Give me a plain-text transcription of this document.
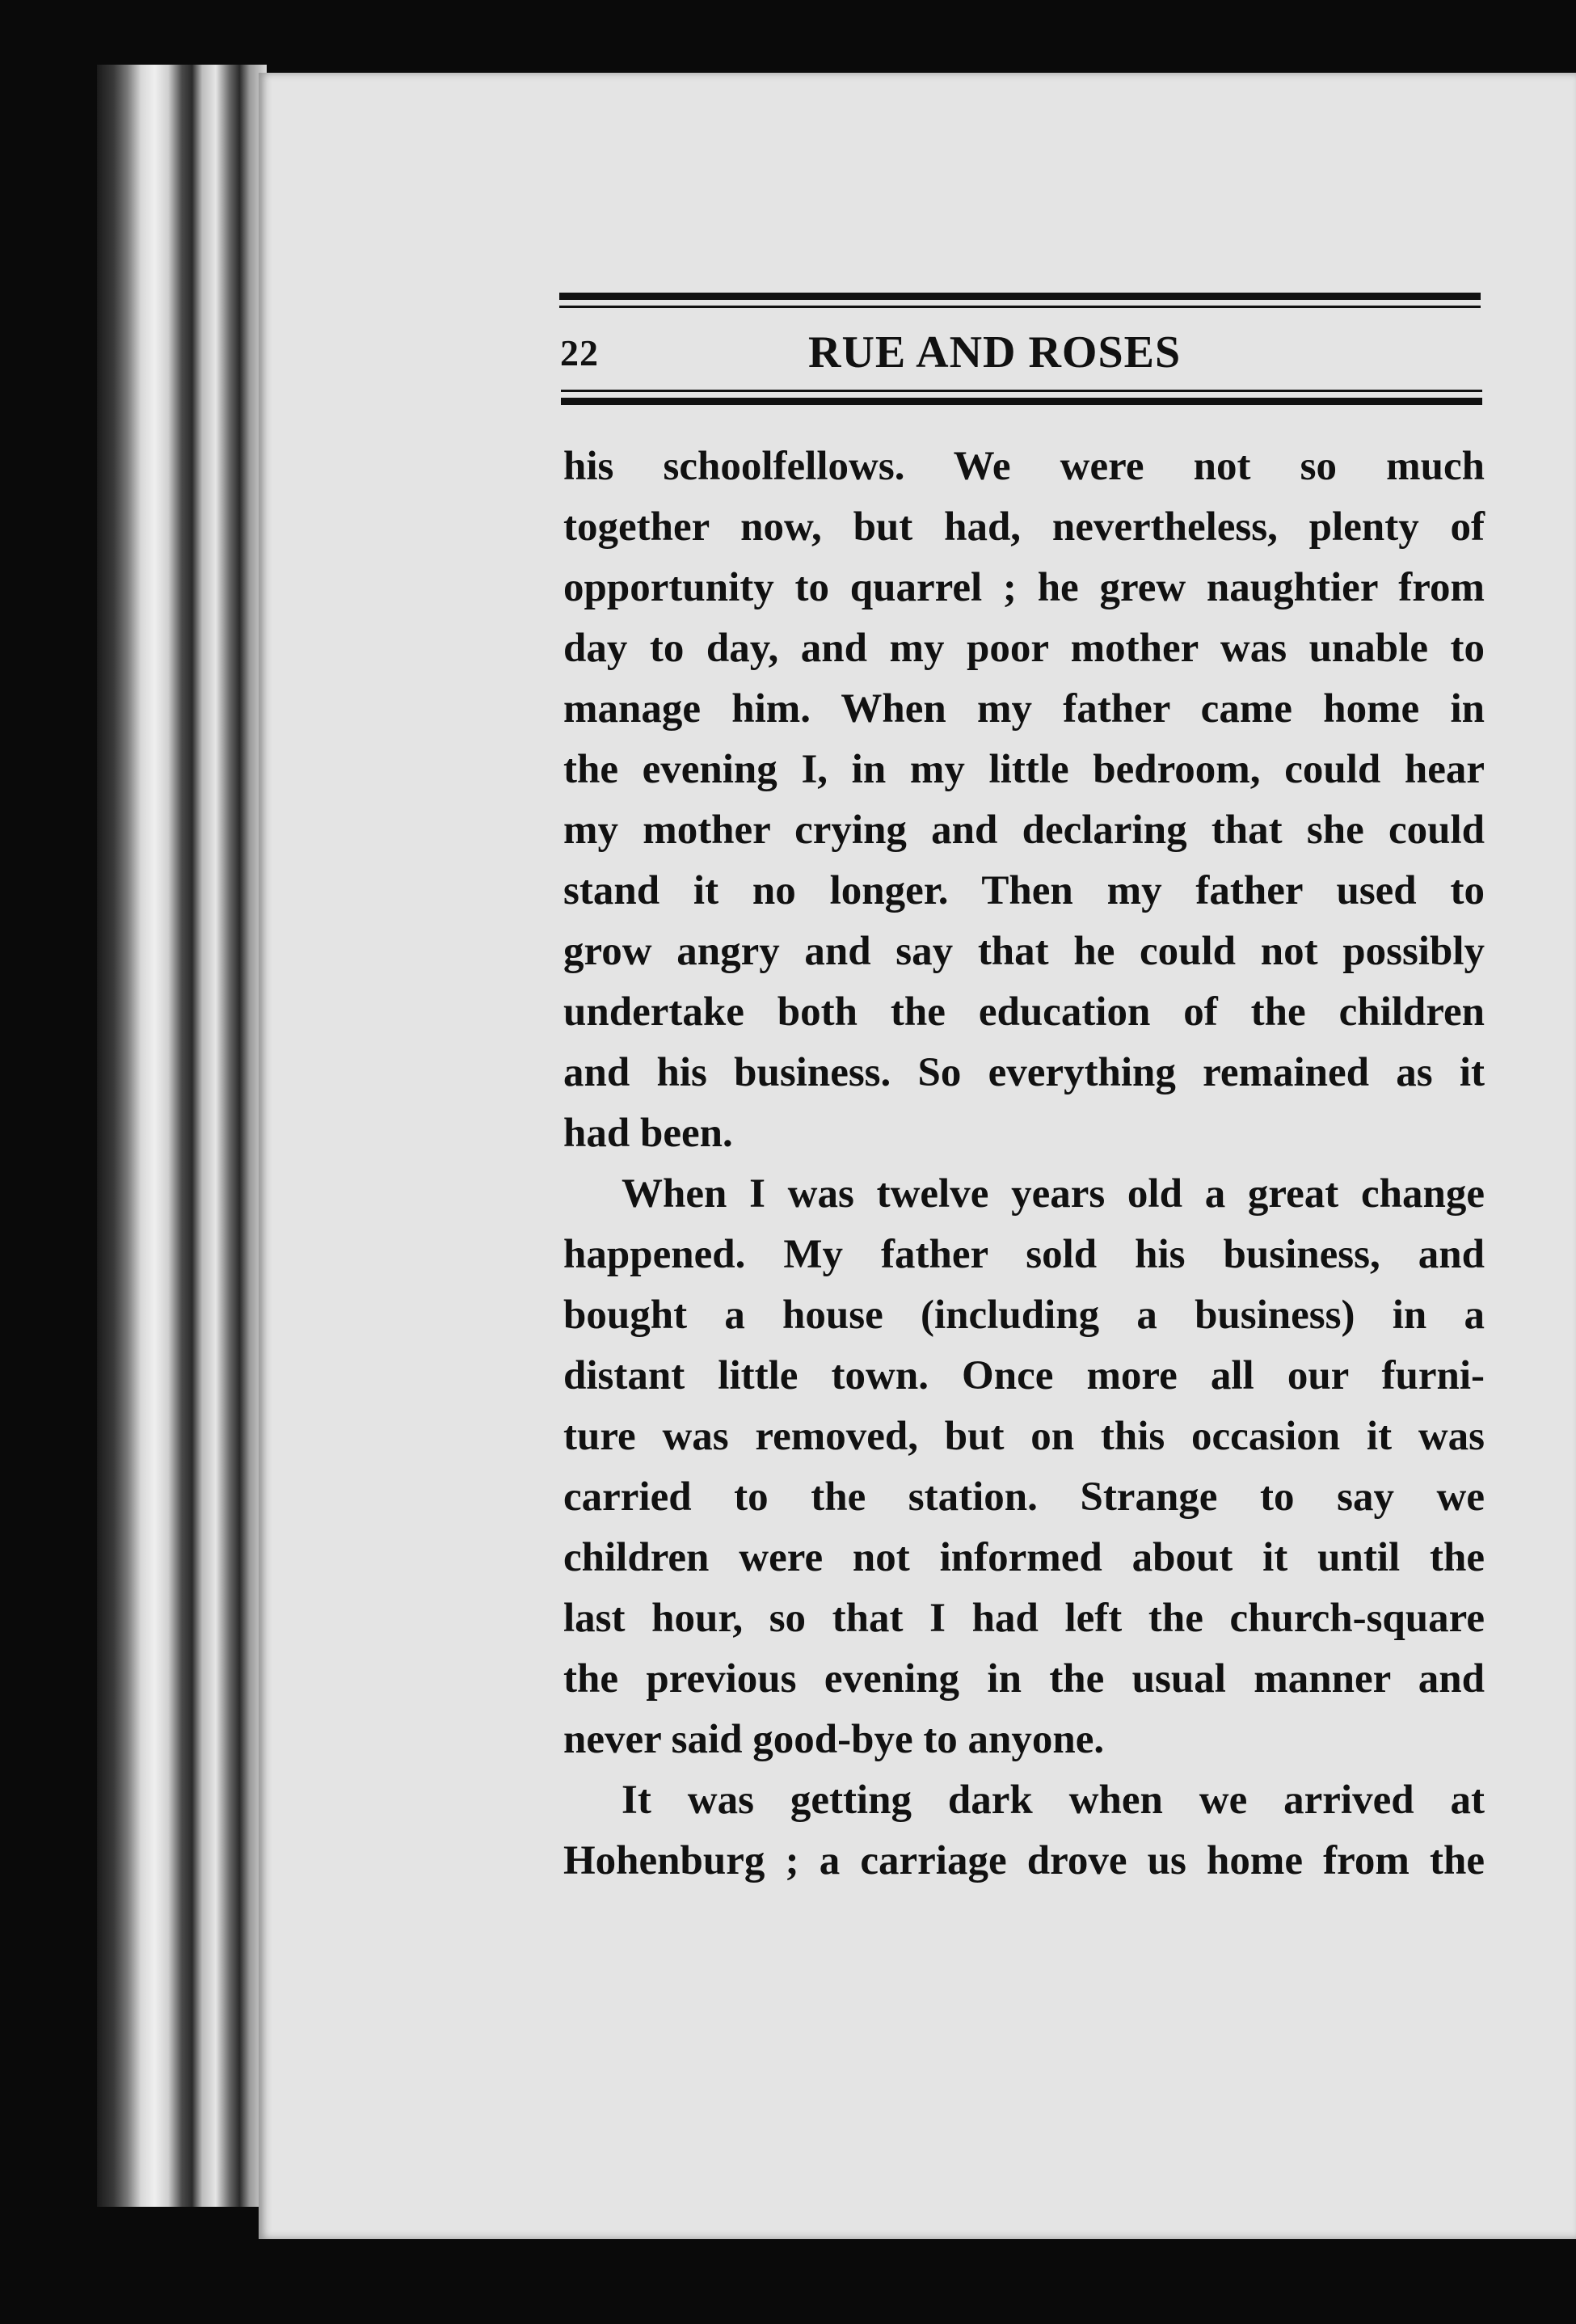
22	RUE AND ROSES
his schoolfellows. We were not so much
together now, but had, nevertheless, plenty of
opportunity to quarrel ; he grew naughtier from
day to day, and my poor mother was unable to
manage him. When my father came home in
the evening I, in my little bedroom, could hear
my mother crying and declaring that she could
stand it no longer. Then my father used to
grow angry and say that he could not possibly
undertake both the education of the children
and his business. So everything remained as it
had been.
When I was twelve years old a great change
happened. My father sold his business, and
bought a house (including a business) in a
distant little town. Once more all our furni-
ture was removed, but on this occasion it was
carried to the station. Strange to say we
children were not informed about it until the
last hour, so that I had left the church-square
the previous evening in the usual manner and
never said good-bye to anyone.
It was getting dark when we arrived at
Hohenburg ; a carriage drove us home from the
